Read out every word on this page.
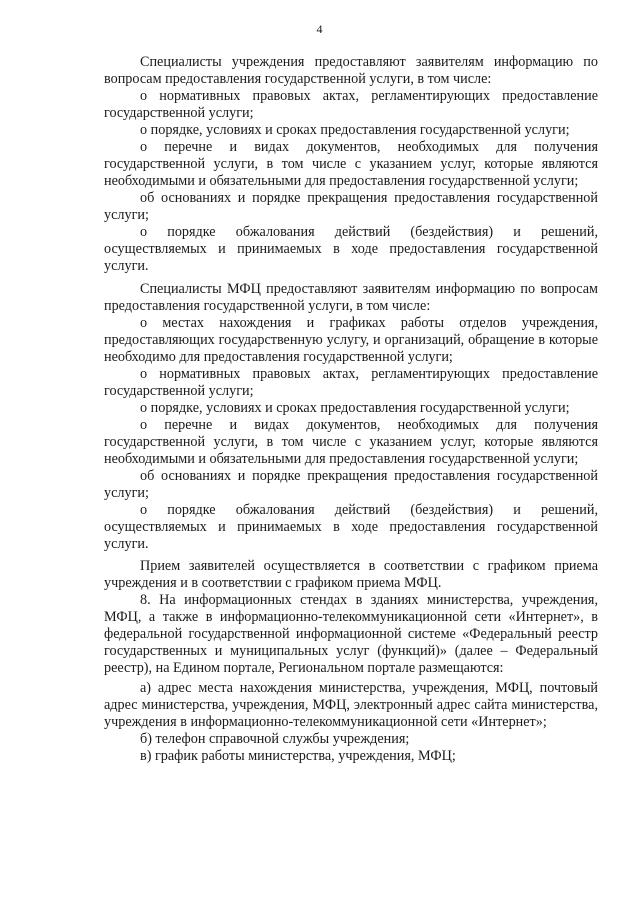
4

Специалисты учреждения предоставляют заявителям информацию по вопросам предоставления государственной услуги, в том числе:

о нормативных правовых актах, регламентирующих предоставление государственной услуги;

о порядке, условиях и сроках предоставления государственной услуги;

о перечне и видах документов, необходимых для получения государственной услуги, в том числе с указанием услуг, которые являются необходимыми и обязательными для предоставления государственной услуги;

об основаниях и порядке прекращения предоставления государственной услуги;

о порядке обжалования действий (бездействия) и решений, осуществляемых и принимаемых в ходе предоставления государственной услуги.

Специалисты МФЦ предоставляют заявителям информацию по вопросам предоставления государственной услуги, в том числе:

о местах нахождения и графиках работы отделов учреждения, предоставляющих государственную услугу, и организаций, обращение в которые необходимо для предоставления государственной услуги;

о нормативных правовых актах, регламентирующих предоставление государственной услуги;

о порядке, условиях и сроках предоставления государственной услуги;

о перечне и видах документов, необходимых для получения государственной услуги, в том числе с указанием услуг, которые являются необходимыми и обязательными для предоставления государственной услуги;

об основаниях и порядке прекращения предоставления государственной услуги;

о порядке обжалования действий (бездействия) и решений, осуществляемых и принимаемых в ходе предоставления государственной услуги.

Прием заявителей осуществляется в соответствии с графиком приема учреждения и в соответствии с графиком приема МФЦ.

8. На информационных стендах в зданиях министерства, учреждения, МФЦ, а также в информационно-телекоммуникационной сети «Интернет», в федеральной государственной информационной системе «Федеральный реестр государственных и муниципальных услуг (функций)» (далее – Федеральный реестр), на Едином портале, Региональном портале размещаются:

а) адрес места нахождения министерства, учреждения, МФЦ, почтовый адрес министерства, учреждения, МФЦ, электронный адрес сайта министерства, учреждения в информационно-телекоммуникационной сети «Интернет»;

б) телефон справочной службы учреждения;

в) график работы министерства, учреждения, МФЦ;
